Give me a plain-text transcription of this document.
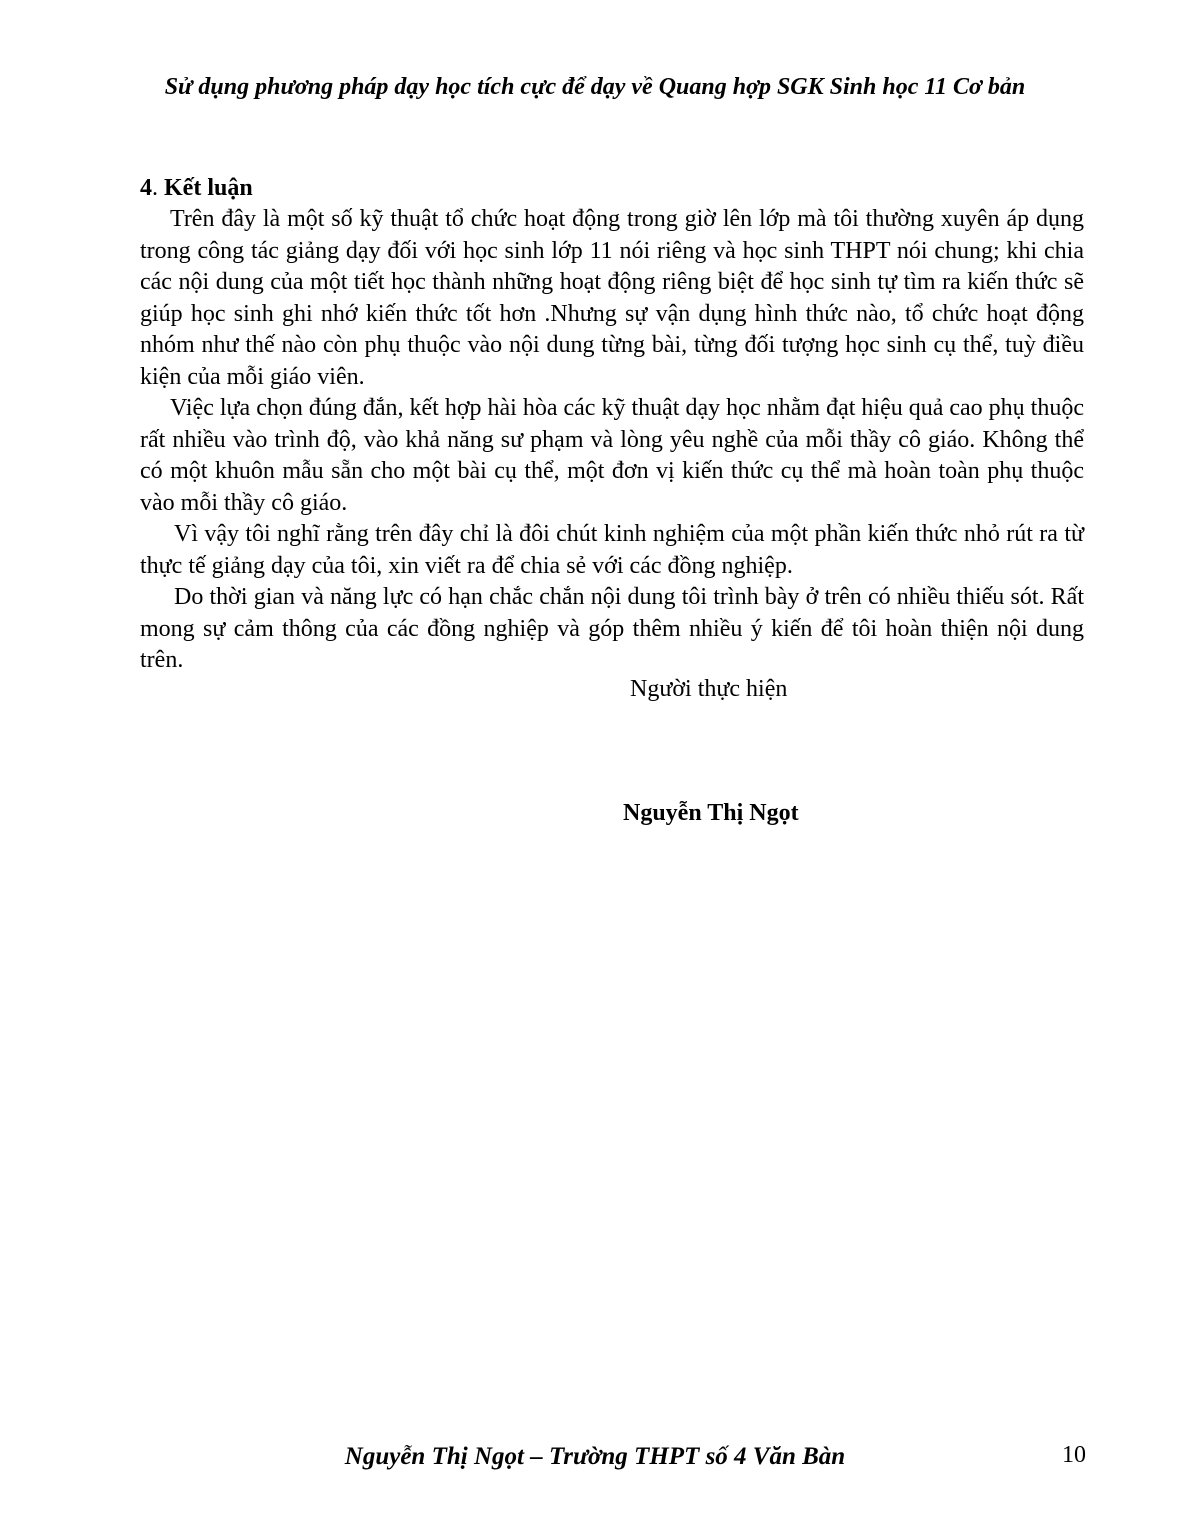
Sử dụng phương pháp dạy học tích cực để dạy về Quang hợp SGK Sinh học 11 Cơ bản

4. Kết luận

Trên đây là một số kỹ thuật tổ chức hoạt động trong giờ lên lớp mà tôi thường xuyên áp dụng trong công tác giảng dạy đối với học sinh lớp 11 nói riêng và học sinh THPT nói chung; khi chia các nội dung của một tiết học thành những hoạt động riêng biệt để học sinh tự tìm ra kiến thức sẽ giúp học sinh ghi nhớ kiến thức tốt hơn .Nhưng sự vận dụng hình thức nào, tổ chức hoạt động nhóm như thế nào còn phụ thuộc vào nội dung từng bài, từng đối tượng học sinh cụ thể, tuỳ điều kiện của mỗi giáo viên.

Việc lựa chọn đúng đắn, kết hợp hài hòa các kỹ thuật dạy học nhằm đạt hiệu quả cao phụ thuộc rất nhiều vào trình độ, vào khả năng sư phạm và lòng yêu nghề của mỗi thầy cô giáo. Không thể có một khuôn mẫu sẵn cho một bài cụ thể, một đơn vị kiến thức cụ thể mà hoàn toàn phụ thuộc vào mỗi thầy cô giáo.

Vì vậy tôi nghĩ rằng trên đây chỉ là đôi chút kinh nghiệm của một phần kiến thức nhỏ rút ra từ thực tế giảng dạy của tôi, xin viết ra để chia sẻ với các đồng nghiệp.

Do thời gian và năng lực có hạn chắc chắn nội dung tôi trình bày ở trên có nhiều thiếu sót. Rất mong sự cảm thông của các đồng nghiệp và góp thêm nhiều ý kiến để tôi hoàn thiện nội dung trên.

Người thực hiện
Nguyễn Thị Ngọt
Nguyễn Thị Ngọt – Trường THPT số 4 Văn Bàn	10
